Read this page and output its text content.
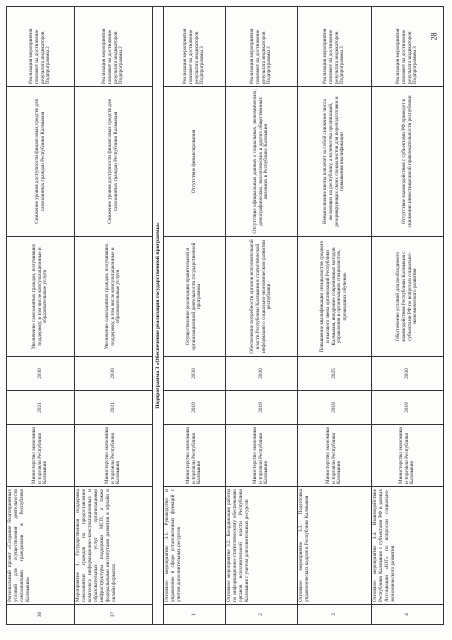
36	Региональный проект «Создание благоприятных условий для осуществления деятельности самозанятыми гражданами в Республике Калмыкия»	Министерство экономики и торговли Республики Калмыкия	2021	2030	Увеличение самозанятых граждан, получивших поддержку, в том числе консультационные и образовательные услуги	Снижение уровня доступности финансовых средств для самозанятых граждан Республики Калмыкия	Реализация мероприятия повлияет на достижение результата индикаторов Подпрограммы 2
37	Мероприятие 1. Государственная поддержка самозанятых граждан на предоставление комплекса информационно-консультационных и образовательных услуг организациями инфраструктуры поддержки МСП, а также федеральными институтами развития в офлайн и онлайн форматах	Министерство экономики и торговли Республики Калмыкия	2021	2030	Увеличение самозанятых граждан, получивших поддержку, в том числе консультационные и образовательные услуги	Снижение уровня доступности финансовых средств для самозанятых граждан Республики Калмыкия	Реализация мероприятия повлияет на достижение результата индикаторов Подпрограммы 2
Подпрограмма 3 «Обеспечение реализации государственной программы»							
1	Основное мероприятие 3.1. Руководство и управление в сфере установленных функций с учетом дополнительных ресурсов	Министерство экономики и торговли Республики Калмыкия	2019	2030	Осуществление реализации правительной и организационной деятельности государственной программы	Отсутствие финансирования	Реализация мероприятия повлияет на достижение результата индикаторов Подпрограммы 3
2	Основное мероприятие 3.2. Координация работы по информационно-статистическому обеспечению органов исполнительной власти Республики Калмыкия с учетом дополнительных ресурсов	Министерство экономики и торговли Республики Калмыкия	2019	2030	Обеспечение потребности органов исполнительной власти Республики Калмыкия в статистической информации о социально-экономическом развитии республики	Отсутствие официальных данных о социальных, экономических, демографических, экологических и других общественных явлениях в Республике Калмыкия	Реализация мероприятия повлияет на достижение результата индикаторов Подпрограммы 3
3	Основное мероприятие 3.3. Подготовка управленческих кадров в Республике Калмыкия	Министерство экономики и торговли Республики Калмыкия	2019	2025	Повышение квалификации специалистов среднего и высшего звена организаций Республики Калмыкия, внедрение современных методов управления в организациях специалистов, прошедших обучение	Невыполнение квоты повлечет за собой снижение числа желающих на республику, а количества организаций, резервирующих своих специалистов для переподготовки и повышения квалификации	Реализация мероприятия повлияет на достижение результата индикаторов Подпрограммы 3
4	Основное мероприятие 3.4. Взаимодействие Республики Калмыкия с субъектами РФ в рамках Ассоциации «ЮГ» по вопросам социально-экономического развития	Министерство экономики и торговли Республики Калмыкия	2019	2030	Обеспечение условий для необходимого взаимодействия Республики Калмыкия с субъектами РФ по вопросам социально-экономического развития	Отсутствие взаимодействия с субъектами РФ приведет к снижению инвестиционной привлекательности республики	Реализация мероприятия повлияет на достижение результата индикаторов Подпрограммы 3
28
